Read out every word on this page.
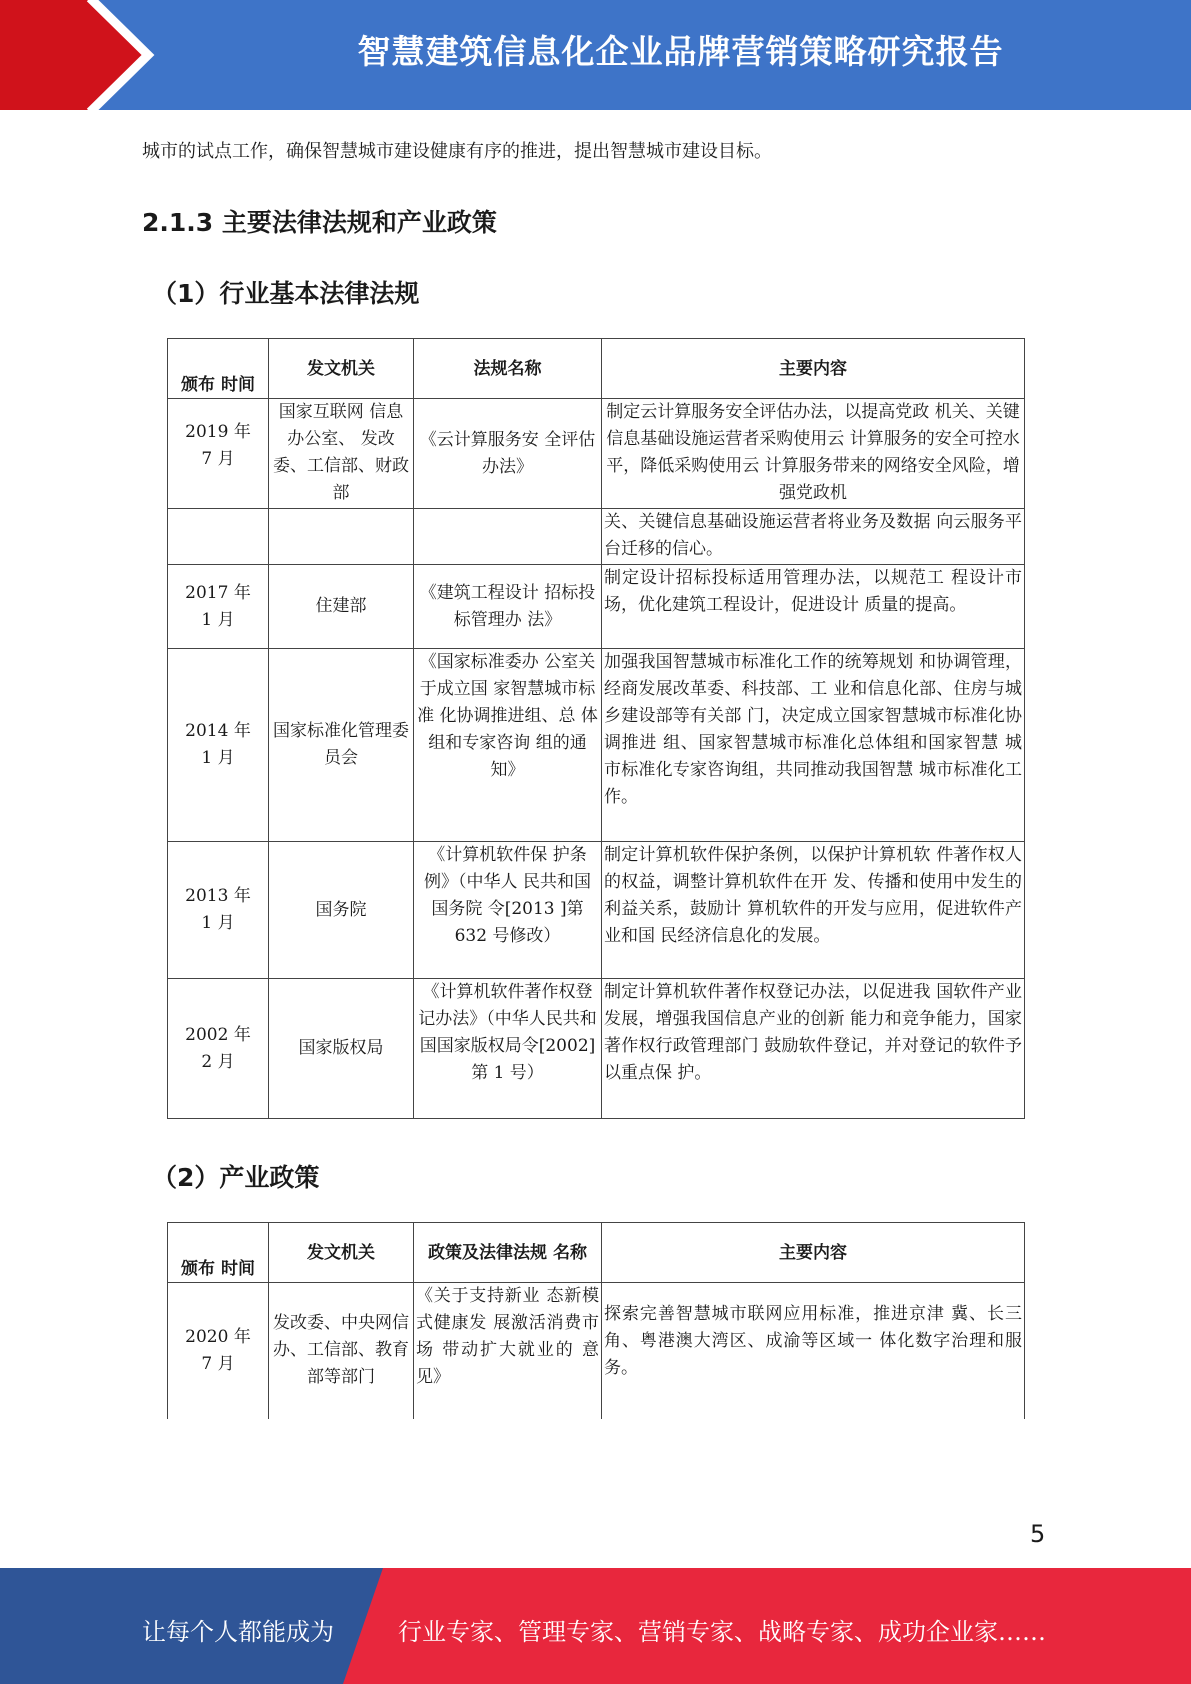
智慧建筑信息化企业品牌营销策略研究报告
城市的试点工作，确保智慧城市建设健康有序的推进，提出智慧城市建设目标。
2.1.3 主要法律法规和产业政策
（1）行业基本法律法规
颁布 时间	发文机关	法规名称	主要内容
2019 年
7 月	国家互联网 信息办公室、 发改委、工信部、财政部	《云计算服务安 全评估办法》	制定云计算服务安全评估办法，以提高党政 机关、关键信息基础设施运营者采购使用云 计算服务的安全可控水平，降低采购使用云 计算服务带来的网络安全风险，增强党政机
			关、关键信息基础设施运营者将业务及数据 向云服务平台迁移的信心。
2017 年
1 月	住建部	《建筑工程设计 招标投标管理办 法》	制定设计招标投标适用管理办法，以规范工 程设计市场，优化建筑工程设计，促进设计 质量的提高。
2014 年
1 月	国家标准化管理委员会	《国家标准委办 公室关于成立国 家智慧城市标准 化协调推进组、总 体组和专家咨询 组的通知》	加强我国智慧城市标准化工作的统筹规划 和协调管理，经商发展改革委、科技部、工 业和信息化部、住房与城乡建设部等有关部 门，决定成立国家智慧城市标准化协调推进 组、国家智慧城市标准化总体组和国家智慧 城市标准化专家咨询组，共同推动我国智慧 城市标准化工作。
2013 年
1 月	国务院	《计算机软件保 护条例》（中华人 民共和国国务院 令[2013 ]第 632 号修改）	制定计算机软件保护条例，以保护计算机软 件著作权人的权益，调整计算机软件在开 发、传播和使用中发生的利益关系，鼓励计 算机软件的开发与应用，促进软件产业和国 民经济信息化的发展。
2002 年
2 月	国家版权局	《计算机软件著作权登记办法》（中华人民共和国国家版权局令[2002]第 1 号）	制定计算机软件著作权登记办法，以促进我 国软件产业发展，增强我国信息产业的创新 能力和竞争能力，国家著作权行政管理部门 鼓励软件登记，并对登记的软件予以重点保 护。
（2）产业政策
颁布 时间	发文机关	政策及法律法规 名称	主要内容
2020 年
7 月	发改委、中央网信办、工信部、教育部等部门	《关于支持新业 态新模式健康发 展激活消费市场 带动扩大就业的 意见》	探索完善智慧城市联网应用标准，推进京津 冀、长三角、粤港澳大湾区、成渝等区域一 体化数字治理和服务。
5
让每个人都能成为	行业专家、管理专家、营销专家、战略专家、成功企业家……
